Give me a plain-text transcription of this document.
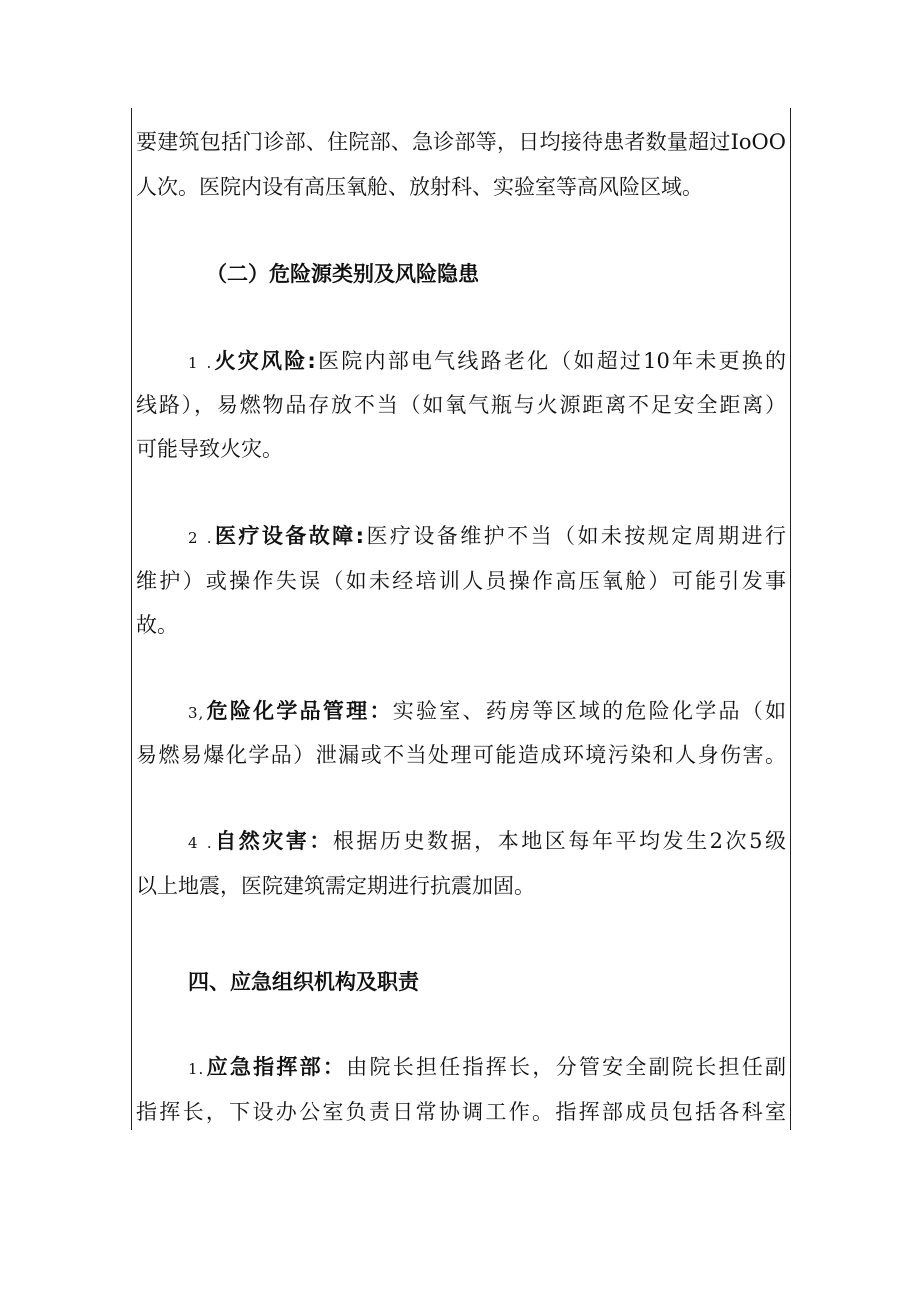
要建筑包括门诊部、住院部、急诊部等，日均接待患者数量超过IoOO
人次。医院内设有高压氧舱、放射科、实验室等高风险区域。
（二）危险源类别及风险隐患
1 .火灾风险:医院内部电气线路老化（如超过10年未更换的
线路），易燃物品存放不当（如氧气瓶与火源距离不足安全距离）
可能导致火灾。
2 .医疗设备故障:医疗设备维护不当（如未按规定周期进行
维护）或操作失误（如未经培训人员操作高压氧舱）可能引发事
故。
3,危险化学品管理：实验室、药房等区域的危险化学品（如
易燃易爆化学品）泄漏或不当处理可能造成环境污染和人身伤害。
4 .自然灾害：根据历史数据，本地区每年平均发生2次5级
以上地震，医院建筑需定期进行抗震加固。
四、应急组织机构及职责
1.应急指挥部：由院长担任指挥长，分管安全副院长担任副
指挥长，下设办公室负责日常协调工作。指挥部成员包括各科室
